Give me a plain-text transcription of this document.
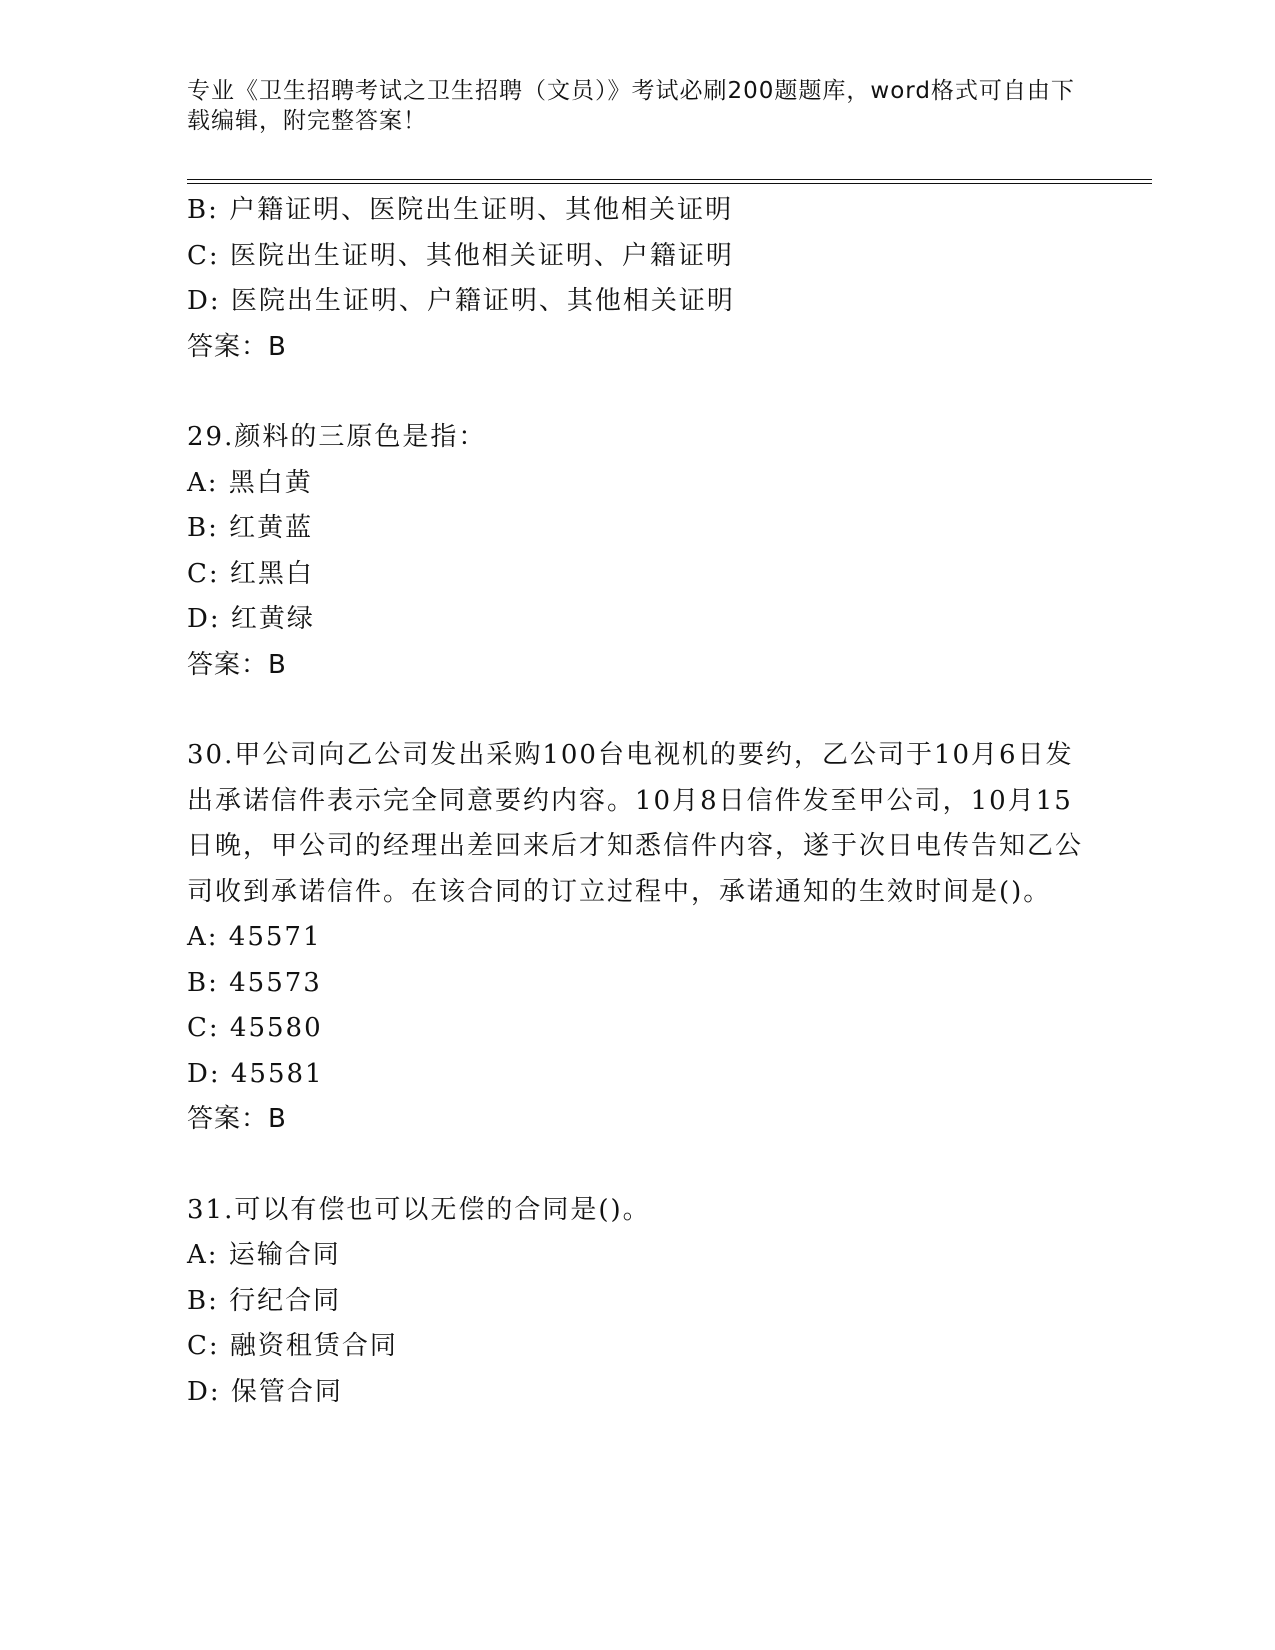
专业《卫生招聘考试之卫生招聘（文员）》考试必刷200题题库，word格式可自由下载编辑，附完整答案！
B: 户籍证明、医院出生证明、其他相关证明
C: 医院出生证明、其他相关证明、户籍证明
D: 医院出生证明、户籍证明、其他相关证明
答案：B
29.颜料的三原色是指：
A: 黑白黄
B: 红黄蓝
C: 红黑白
D: 红黄绿
答案：B
30.甲公司向乙公司发出采购100台电视机的要约，乙公司于10月6日发出承诺信件表示完全同意要约内容。10月8日信件发至甲公司，10月15日晚，甲公司的经理出差回来后才知悉信件内容，遂于次日电传告知乙公司收到承诺信件。在该合同的订立过程中，承诺通知的生效时间是()。
A: 45571
B: 45573
C: 45580
D: 45581
答案：B
31.可以有偿也可以无偿的合同是()。
A: 运输合同
B: 行纪合同
C: 融资租赁合同
D: 保管合同
